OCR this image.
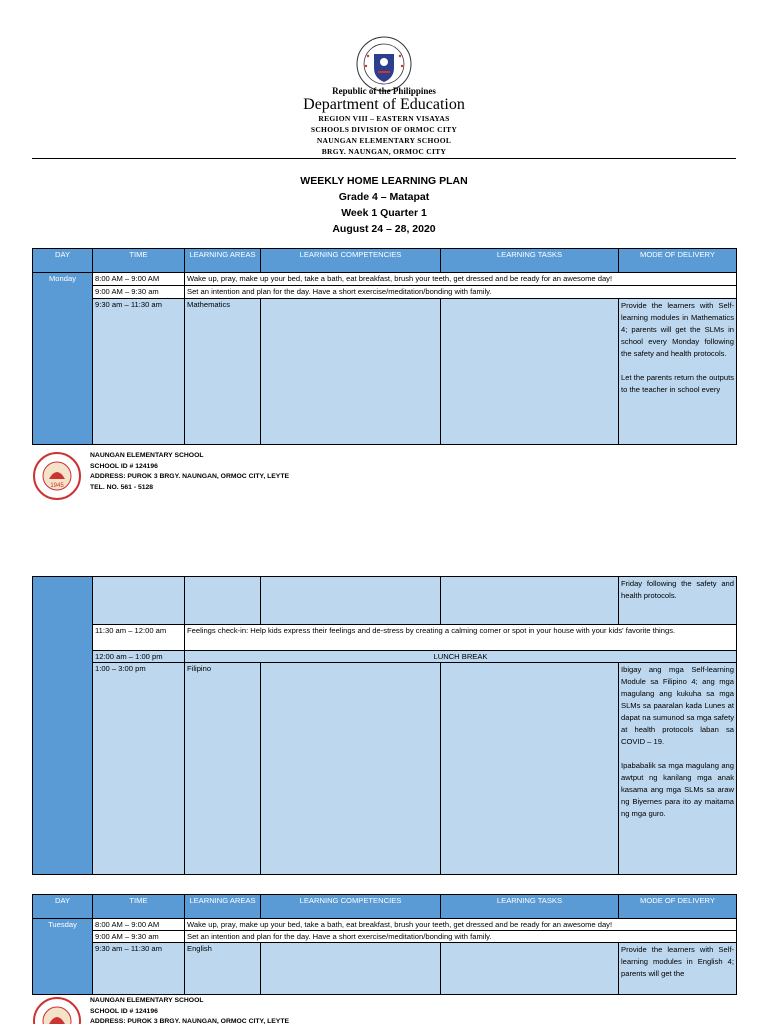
Republic of the Philippines
Department of Education
REGION VIII – EASTERN VISAYAS
SCHOOLS DIVISION OF ORMOC CITY
NAUNGAN ELEMENTARY SCHOOL
BRGY. NAUNGAN, ORMOC CITY
WEEKLY HOME LEARNING PLAN
Grade 4 – Matapat
Week 1 Quarter 1
August 24 – 28, 2020
DAY	TIME	LEARNING AREAS	LEARNING COMPETENCIES	LEARNING TASKS	MODE OF DELIVERY
Monday	8:00 AM – 9:00 AM	Wake up, pray, make up your bed, take a bath, eat breakfast, brush your teeth, get dressed and be ready for an awesome day!			
	9:00 AM – 9:30 am	Set an intention and plan for the day. Have a short exercise/meditation/bonding with family.			
	9:30 am – 11:30 am	Mathematics			Provide the learners with Self-learning modules in Mathematics 4; parents will get the SLMs in school every Monday following the safety and health protocols.
Let the parents return the outputs to the teacher in school every
1945
NAUNGAN ELEMENTARY SCHOOL
SCHOOL ID # 124196
ADDRESS: PUROK 3 BRGY. NAUNGAN, ORMOC CITY, LEYTE
TEL. NO. 561 - 5128
					Friday following the safety and health protocols.
	11:30 am – 12:00 am	Feelings check-in: Help kids express their feelings and de-stress by creating a calming corner or spot in your house with your kids' favorite things.			
	12:00 am – 1:00 pm	LUNCH BREAK			
	1:00 – 3:00 pm	Filipino			Ibigay ang mga Self-learning Module sa Filipino 4; ang mga magulang ang kukuha sa mga SLMs sa paaralan kada Lunes at dapat na sumunod sa mga safety at health protocols laban sa COVID – 19.
Ipababalik sa mga magulang ang awtput ng kanilang mga anak kasama ang mga SLMs sa araw ng Biyernes para ito ay maitama ng mga guro.
DAY	TIME	LEARNING AREAS	LEARNING COMPETENCIES	LEARNING TASKS	MODE OF DELIVERY
Tuesday	8:00 AM – 9:00 AM	Wake up, pray, make up your bed, take a bath, eat breakfast, brush your teeth, get dressed and be ready for an awesome day!			
	9:00 AM – 9:30 am	Set an intention and plan for the day. Have a short exercise/meditation/bonding with family.			
	9:30 am – 11:30 am	English			Provide the learners with Self-learning modules in English 4; parents will get the
NAUNGAN ELEMENTARY SCHOOL
SCHOOL ID # 124196
ADDRESS: PUROK 3 BRGY. NAUNGAN, ORMOC CITY, LEYTE
